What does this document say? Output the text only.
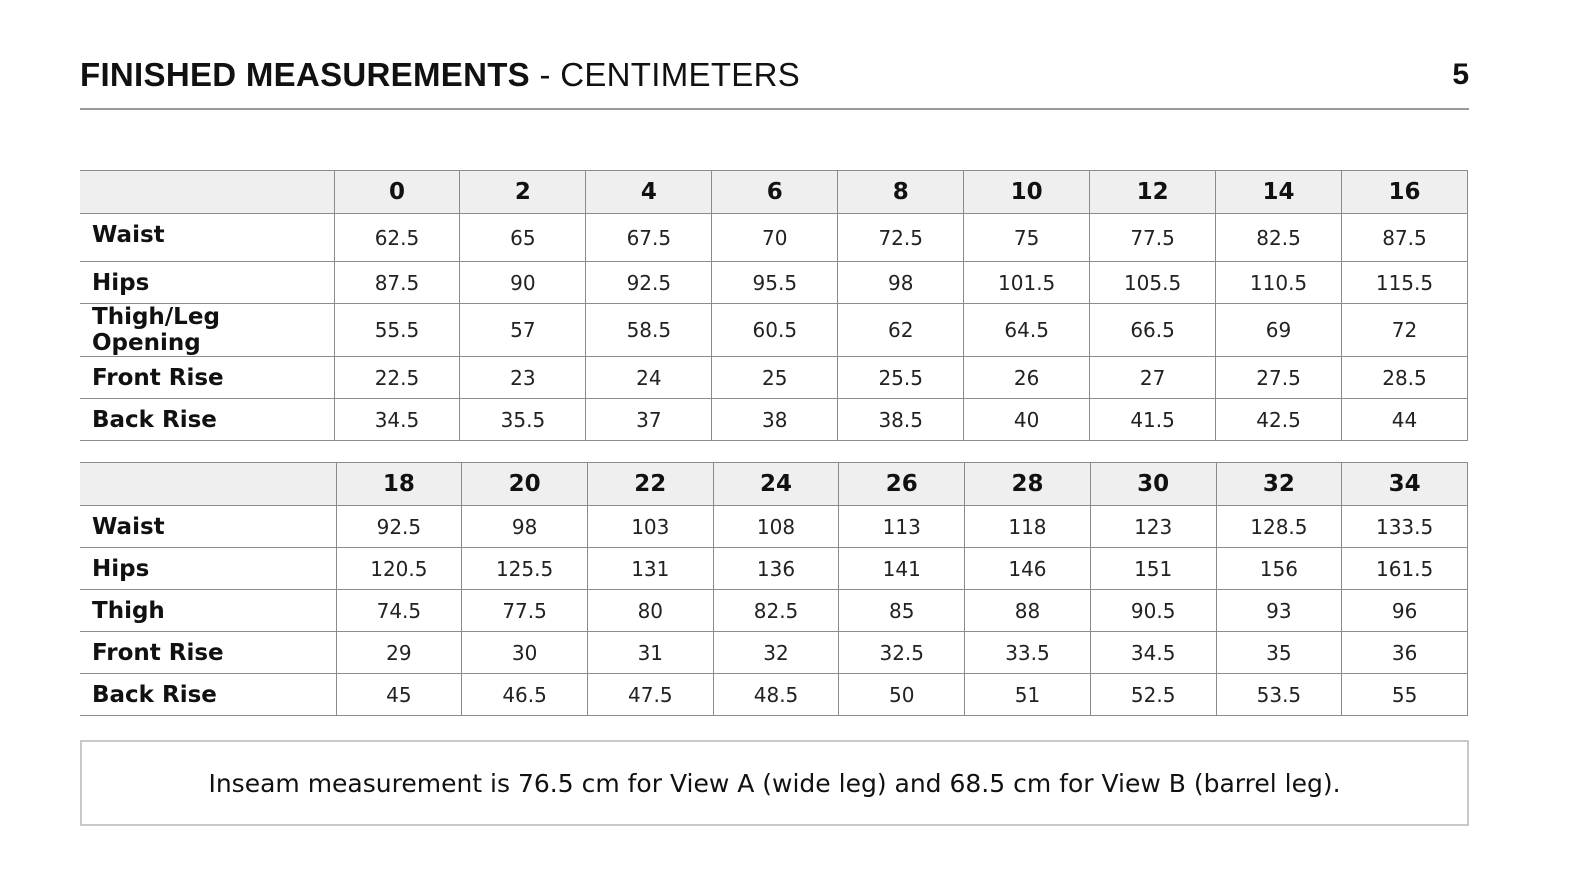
FINISHED MEASUREMENTS - CENTIMETERS	5
	0	2	4	6	8	10	12	14	16
Waist	62.5	65	67.5	70	72.5	75	77.5	82.5	87.5
Hips	87.5	90	92.5	95.5	98	101.5	105.5	110.5	115.5
Thigh/Leg Opening	55.5	57	58.5	60.5	62	64.5	66.5	69	72
Front Rise	22.5	23	24	25	25.5	26	27	27.5	28.5
Back Rise	34.5	35.5	37	38	38.5	40	41.5	42.5	44
	18	20	22	24	26	28	30	32	34
Waist	92.5	98	103	108	113	118	123	128.5	133.5
Hips	120.5	125.5	131	136	141	146	151	156	161.5
Thigh	74.5	77.5	80	82.5	85	88	90.5	93	96
Front Rise	29	30	31	32	32.5	33.5	34.5	35	36
Back Rise	45	46.5	47.5	48.5	50	51	52.5	53.5	55
Inseam measurement is 76.5 cm for View A (wide leg) and 68.5 cm for View B (barrel leg).
